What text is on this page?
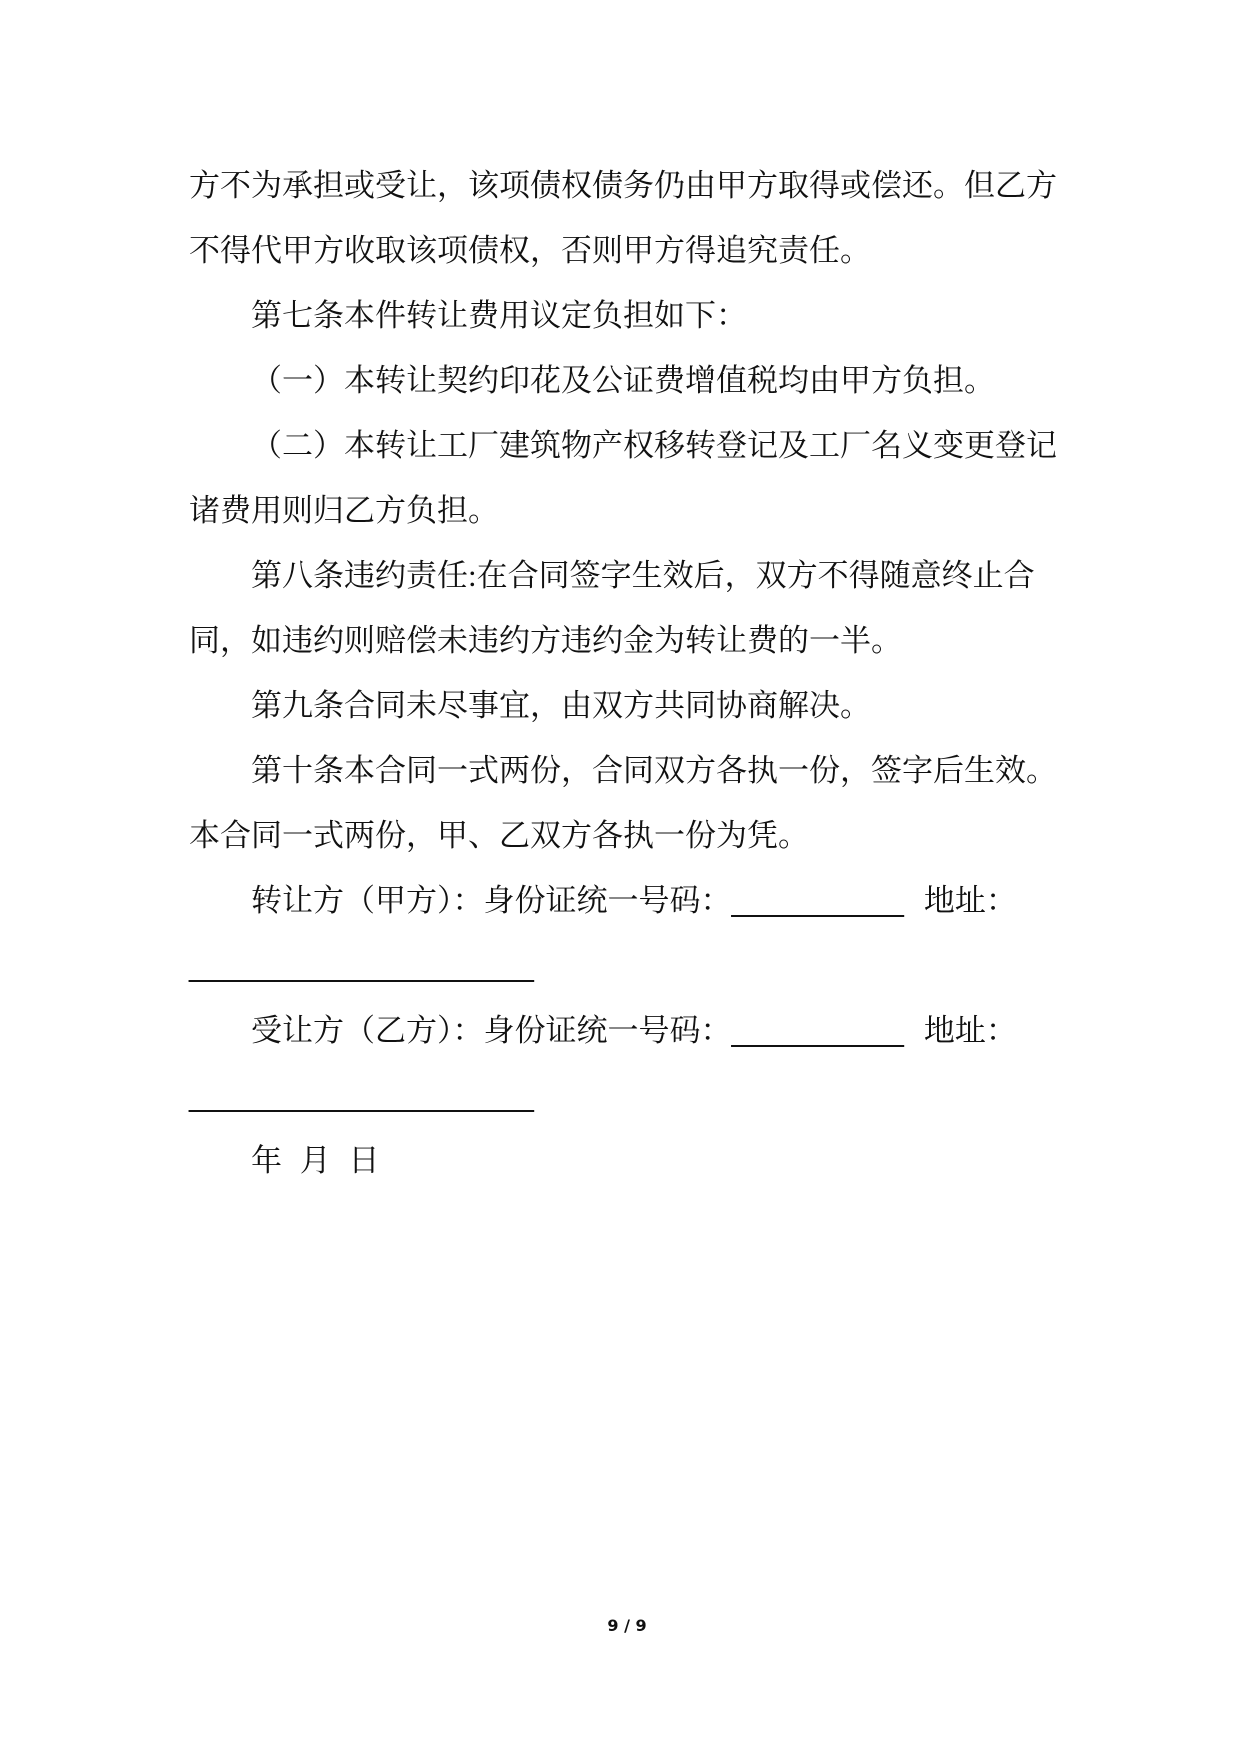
方不为承担或受让，该项债权债务仍由甲方取得或偿还。但乙方
不得代甲方收取该项债权，否则甲方得追究责任。
第七条本件转让费用议定负担如下：
（一）本转让契约印花及公证费增值税均由甲方负担。
（二）本转让工厂建筑物产权移转登记及工厂名义变更登记
诸费用则归乙方负担。
第八条违约责任:在合同签字生效后，双方不得随意终止合
同，如违约则赔偿未违约方违约金为转让费的一半。
第九条合同未尽事宜，由双方共同协商解决。
第十条本合同一式两份，合同双方各执一份，签字后生效。
本合同一式两份，甲、乙双方各执一份为凭。
转让方（甲方）：身份证统一号码：__________ 地址：
____________________
受让方（乙方）：身份证统一号码：__________ 地址：
____________________
年 月 日
9 / 9
